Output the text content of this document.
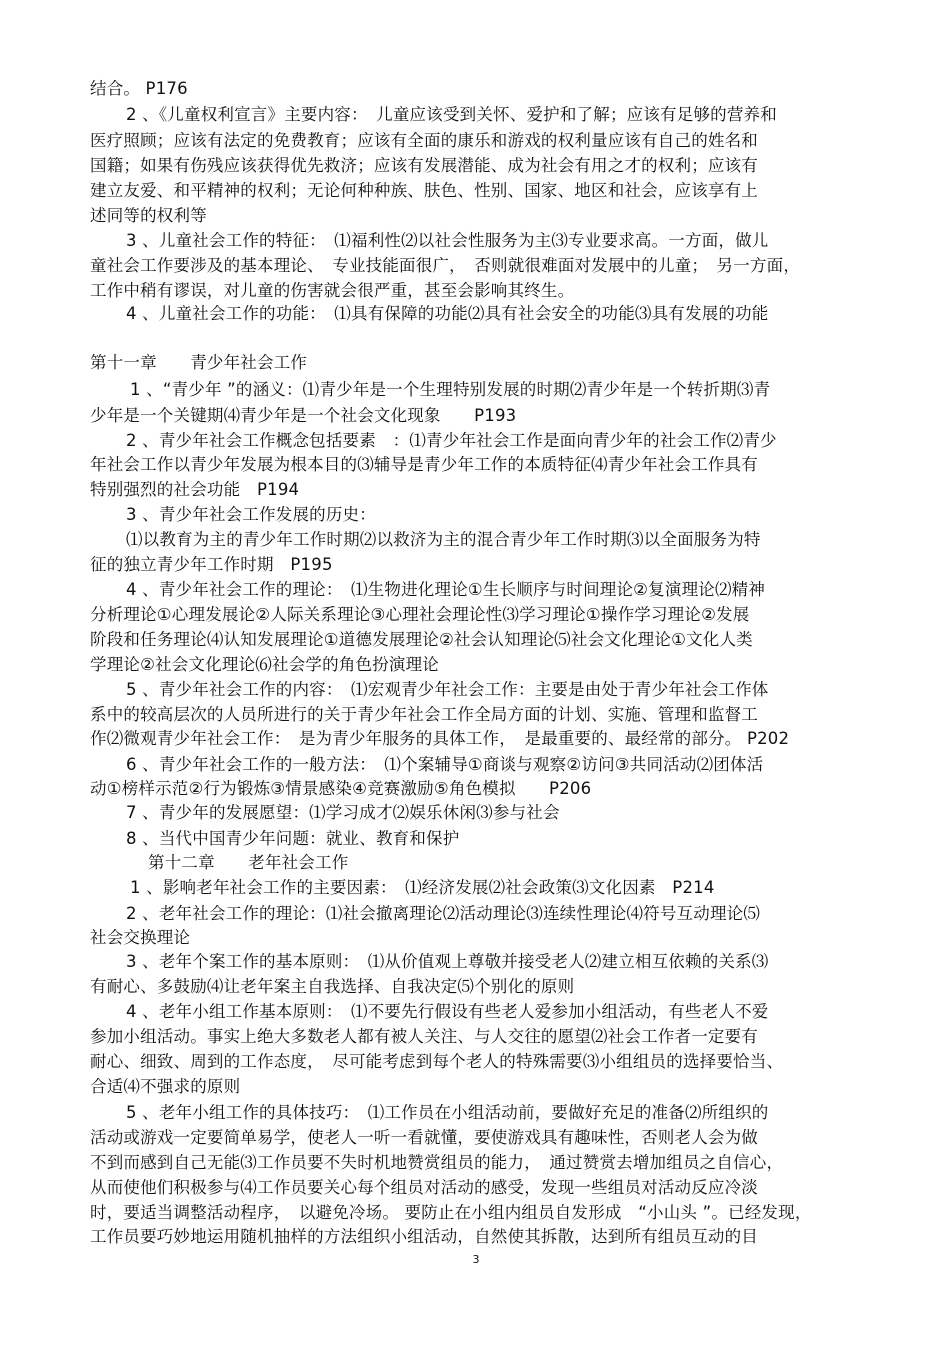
结合。 P176
2 、《儿童权利宣言》主要内容：　儿童应该受到关怀、爱护和了解；应该有足够的营养和
医疗照顾；应该有法定的免费教育；应该有全面的康乐和游戏的权利量应该有自己的姓名和
国籍；如果有伤残应该获得优先救济；应该有发展潜能、成为社会有用之才的权利；应该有
建立友爱、和平精神的权利；无论何种种族、肤色、性别、国家、地区和社会，应该享有上
述同等的权利等
3 、儿童社会工作的特征：　⑴福利性⑵以社会性服务为主⑶专业要求高。一方面，做儿
童社会工作要涉及的基本理论、　专业技能面很广，　否则就很难面对发展中的儿童；　另一方面，
工作中稍有谬误，对儿童的伤害就会很严重，甚至会影响其终生。
4 、儿童社会工作的功能：　⑴具有保障的功能⑵具有社会安全的功能⑶具有发展的功能
第十一章　　青少年社会工作
1 、“青少年 ”的涵义：⑴青少年是一个生理特别发展的时期⑵青少年是一个转折期⑶青
少年是一个关键期⑷青少年是一个社会文化现象　　P193
2 、青少年社会工作概念包括要素　：⑴青少年社会工作是面向青少年的社会工作⑵青少
年社会工作以青少年发展为根本目的⑶辅导是青少年工作的本质特征⑷青少年社会工作具有
特别强烈的社会功能　P194
3 、青少年社会工作发展的历史：
⑴以教育为主的青少年工作时期⑵以救济为主的混合青少年工作时期⑶以全面服务为特
征的独立青少年工作时期　P195
4 、青少年社会工作的理论：　⑴生物进化理论①生长顺序与时间理论②复演理论⑵精神
分析理论①心理发展论②人际关系理论③心理社会理论性⑶学习理论①操作学习理论②发展
阶段和任务理论⑷认知发展理论①道德发展理论②社会认知理论⑸社会文化理论①文化人类
学理论②社会文化理论⑹社会学的角色扮演理论
5 、青少年社会工作的内容：　⑴宏观青少年社会工作：主要是由处于青少年社会工作体
系中的较高层次的人员所进行的关于青少年社会工作全局方面的计划、实施、管理和监督工
作⑵微观青少年社会工作：　是为青少年服务的具体工作，　是最重要的、最经常的部分。 P202
6 、青少年社会工作的一般方法：　⑴个案辅导①商谈与观察②访问③共同活动⑵团体活
动①榜样示范②行为锻炼③情景感染④竞赛激励⑤角色模拟　　P206
7 、青少年的发展愿望：⑴学习成才⑵娱乐休闲⑶参与社会
8 、当代中国青少年问题：就业、教育和保护
第十二章　　老年社会工作
1 、影响老年社会工作的主要因素：　⑴经济发展⑵社会政策⑶文化因素　P214
2 、老年社会工作的理论：⑴社会撤离理论⑵活动理论⑶连续性理论⑷符号互动理论⑸
社会交换理论
3 、老年个案工作的基本原则：　⑴从价值观上尊敬并接受老人⑵建立相互依赖的关系⑶
有耐心、多鼓励⑷让老年案主自我选择、自我决定⑸个别化的原则
4 、老年小组工作基本原则：　⑴不要先行假设有些老人爱参加小组活动，有些老人不爱
参加小组活动。事实上绝大多数老人都有被人关注、与人交往的愿望⑵社会工作者一定要有
耐心、细致、周到的工作态度，　尽可能考虑到每个老人的特殊需要⑶小组组员的选择要恰当、
合适⑷不强求的原则
5 、老年小组工作的具体技巧：　⑴工作员在小组活动前，要做好充足的准备⑵所组织的
活动或游戏一定要简单易学，使老人一听一看就懂，要使游戏具有趣味性，否则老人会为做
不到而感到自己无能⑶工作员要不失时机地赞赏组员的能力，　通过赞赏去增加组员之自信心，
从而使他们积极参与⑷工作员要关心每个组员对活动的感受，发现一些组员对活动反应冷淡
时，要适当调整活动程序，　以避免冷场。 要防止在小组内组员自发形成　“小山头 ”。已经发现，
工作员要巧妙地运用随机抽样的方法组织小组活动，自然使其拆散，达到所有组员互动的目
3
